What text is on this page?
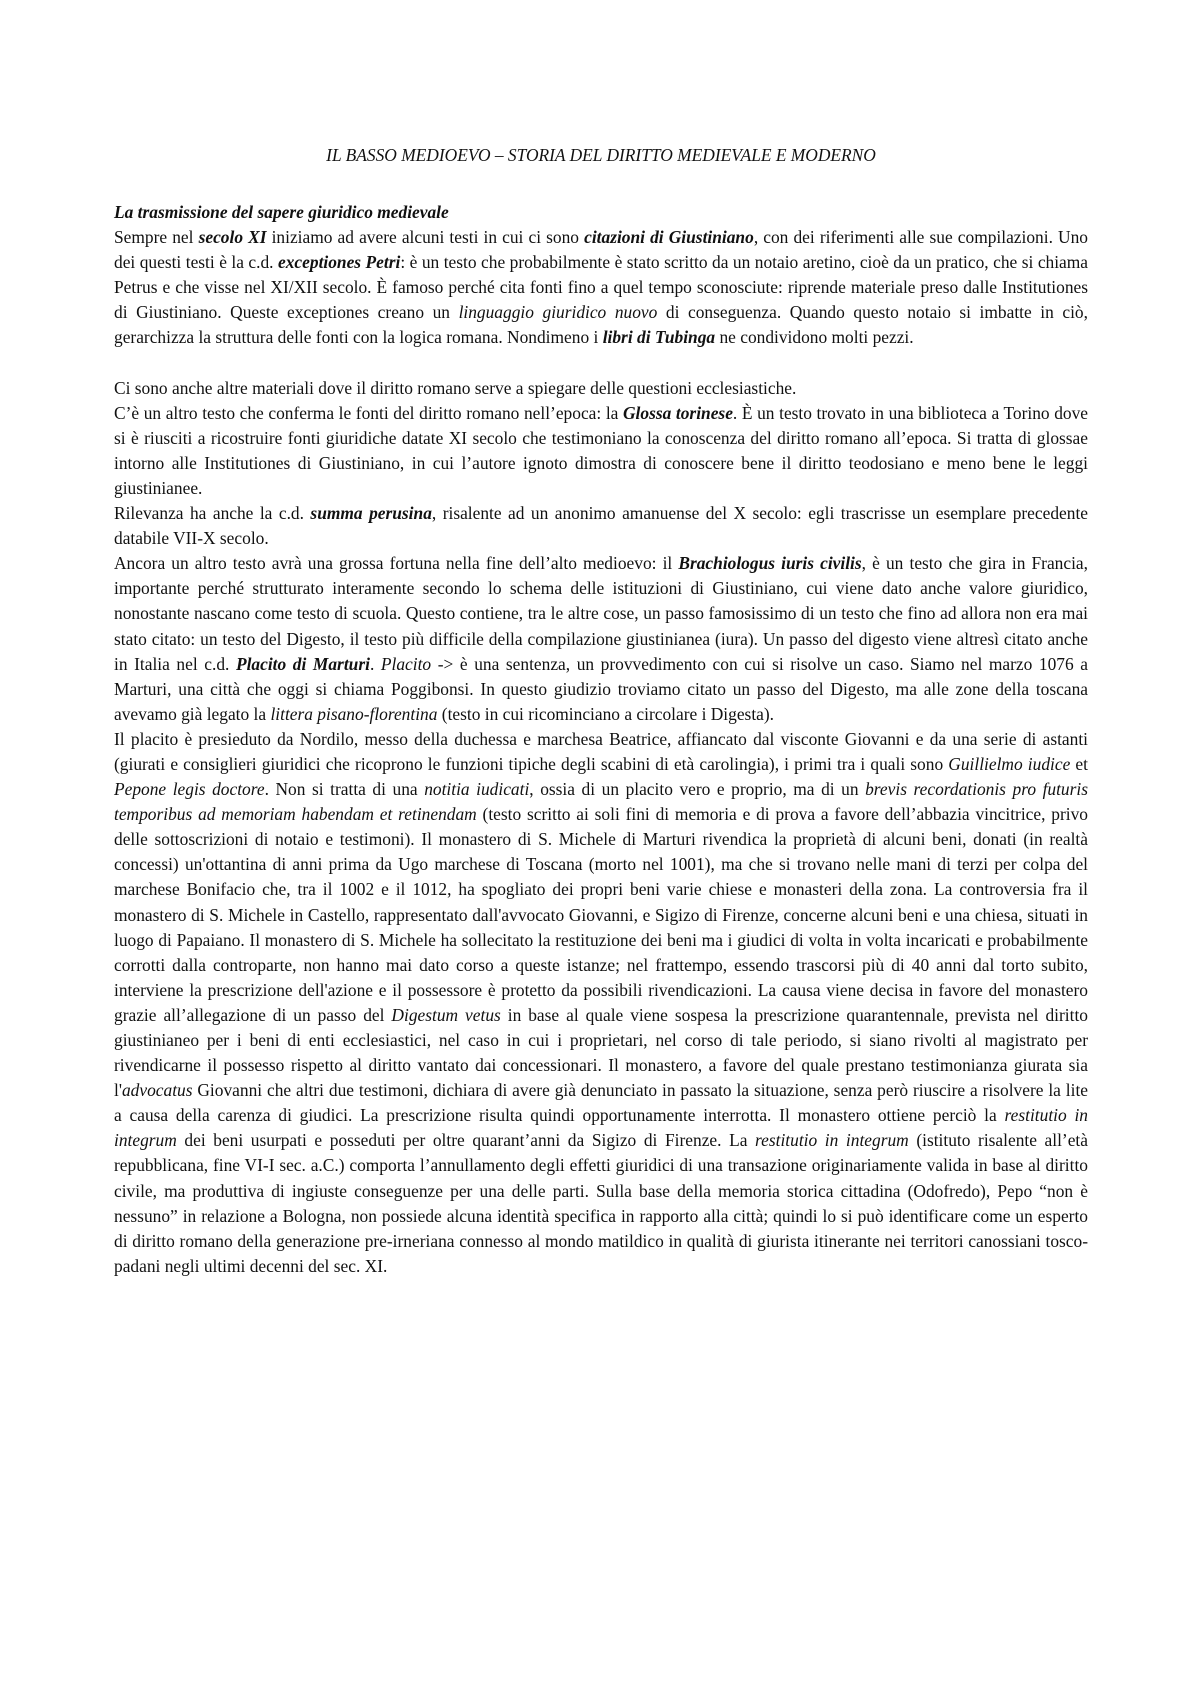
IL BASSO MEDIOEVO – STORIA DEL DIRITTO MEDIEVALE E MODERNO
La trasmissione del sapere giuridico medievale

Sempre nel secolo XI iniziamo ad avere alcuni testi in cui ci sono citazioni di Giustiniano, con dei riferimenti alle sue compilazioni. Uno dei questi testi è la c.d. exceptiones Petri: è un testo che probabilmente è stato scritto da un notaio aretino, cioè da un pratico, che si chiama Petrus e che visse nel XI/XII secolo. È famoso perché cita fonti fino a quel tempo sconosciute: riprende materiale preso dalle Institutiones di Giustiniano. Queste exceptiones creano un linguaggio giuridico nuovo di conseguenza. Quando questo notaio si imbatte in ciò, gerarchizza la struttura delle fonti con la logica romana. Nondimeno i libri di Tubinga ne condividono molti pezzi.

Ci sono anche altre materiali dove il diritto romano serve a spiegare delle questioni ecclesiastiche.

C’è un altro testo che conferma le fonti del diritto romano nell’epoca: la Glossa torinese. È un testo trovato in una biblioteca a Torino dove si è riusciti a ricostruire fonti giuridiche datate XI secolo che testimoniano la conoscenza del diritto romano all’epoca. Si tratta di glossae intorno alle Institutiones di Giustiniano, in cui l’autore ignoto dimostra di conoscere bene il diritto teodosiano e meno bene le leggi giustinianee.

Rilevanza ha anche la c.d. summa perusina, risalente ad un anonimo amanuense del X secolo: egli trascrisse un esemplare precedente databile VII-X secolo.

Ancora un altro testo avrà una grossa fortuna nella fine dell’alto medioevo: il Brachiologus iuris civilis, è un testo che gira in Francia, importante perché strutturato interamente secondo lo schema delle istituzioni di Giustiniano, cui viene dato anche valore giuridico, nonostante nascano come testo di scuola. Questo contiene, tra le altre cose, un passo famosissimo di un testo che fino ad allora non era mai stato citato: un testo del Digesto, il testo più difficile della compilazione giustinianea (iura). Un passo del digesto viene altresì citato anche in Italia nel c.d. Placito di Marturi. Placito -> è una sentenza, un provvedimento con cui si risolve un caso. Siamo nel marzo 1076 a Marturi, una città che oggi si chiama Poggibonsi. In questo giudizio troviamo citato un passo del Digesto, ma alle zone della toscana avevamo già legato la littera pisano-florentina (testo in cui ricominciano a circolare i Digesta).

Il placito è presieduto da Nordilo, messo della duchessa e marchesa Beatrice, affiancato dal visconte Giovanni e da una serie di astanti (giurati e consiglieri giuridici che ricoprono le funzioni tipiche degli scabini di età carolingia), i primi tra i quali sono Guillielmo iudice et Pepone legis doctore. Non si tratta di una notitia iudicati, ossia di un placito vero e proprio, ma di un brevis recordationis pro futuris temporibus ad memoriam habendam et retinendam (testo scritto ai soli fini di memoria e di prova a favore dell’abbazia vincitrice, privo delle sottoscrizioni di notaio e testimoni). Il monastero di S. Michele di Marturi rivendica la proprietà di alcuni beni, donati (in realtà concessi) un'ottantina di anni prima da Ugo marchese di Toscana (morto nel 1001), ma che si trovano nelle mani di terzi per colpa del marchese Bonifacio che, tra il 1002 e il 1012, ha spogliato dei propri beni varie chiese e monasteri della zona. La controversia fra il monastero di S. Michele in Castello, rappresentato dall'avvocato Giovanni, e Sigizo di Firenze, concerne alcuni beni e una chiesa, situati in luogo di Papaiano. Il monastero di S. Michele ha sollecitato la restituzione dei beni ma i giudici di volta in volta incaricati e probabilmente corrotti dalla controparte, non hanno mai dato corso a queste istanze; nel frattempo, essendo trascorsi più di 40 anni dal torto subito, interviene la prescrizione dell'azione e il possessore è protetto da possibili rivendicazioni. La causa viene decisa in favore del monastero grazie all’allegazione di un passo del Digestum vetus in base al quale viene sospesa la prescrizione quarantennale, prevista nel diritto giustinianeo per i beni di enti ecclesiastici, nel caso in cui i proprietari, nel corso di tale periodo, si siano rivolti al magistrato per rivendicarne il possesso rispetto al diritto vantato dai concessionari. Il monastero, a favore del quale prestano testimonianza giurata sia l'advocatus Giovanni che altri due testimoni, dichiara di avere già denunciato in passato la situazione, senza però riuscire a risolvere la lite a causa della carenza di giudici. La prescrizione risulta quindi opportunamente interrotta. Il monastero ottiene perciò la restitutio in integrum dei beni usurpati e posseduti per oltre quarant’anni da Sigizo di Firenze. La restitutio in integrum (istituto risalente all’età repubblicana, fine VI-I sec. a.C.) comporta l’annullamento degli effetti giuridici di una transazione originariamente valida in base al diritto civile, ma produttiva di ingiuste conseguenze per una delle parti. Sulla base della memoria storica cittadina (Odofredo), Pepo “non è nessuno” in relazione a Bologna, non possiede alcuna identità specifica in rapporto alla città; quindi lo si può identificare come un esperto di diritto romano della generazione pre-irneriana connesso al mondo matildico in qualità di giurista itinerante nei territori canossiani tosco-padani negli ultimi decenni del sec. XI.
